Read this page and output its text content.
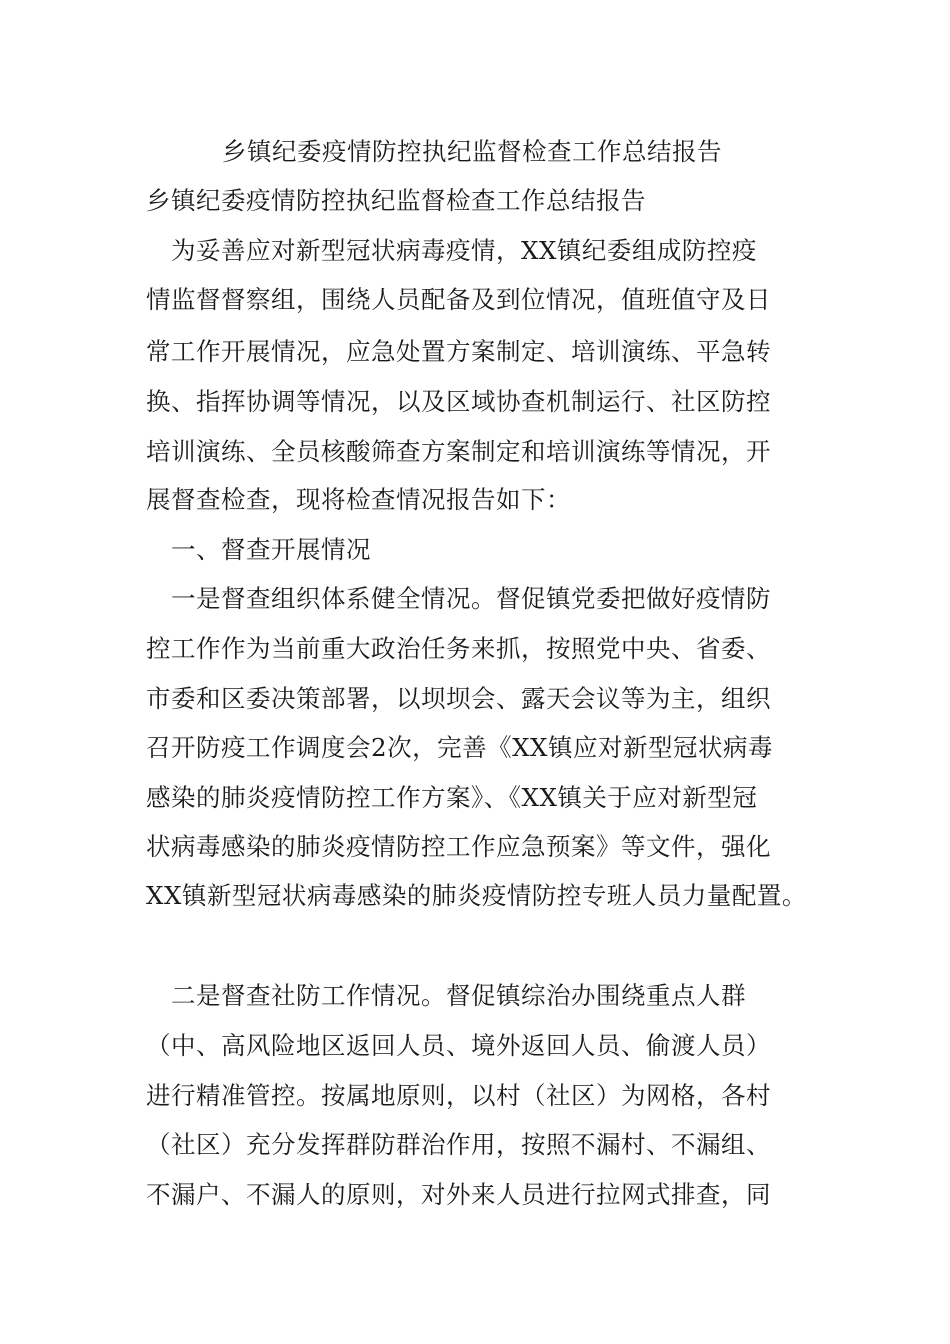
乡镇纪委疫情防控执纪监督检查工作总结报告
乡镇纪委疫情防控执纪监督检查工作总结报告
　为妥善应对新型冠状病毒疫情，XX镇纪委组成防控疫
情监督督察组，围绕人员配备及到位情况，值班值守及日
常工作开展情况，应急处置方案制定、培训演练、平急转
换、指挥协调等情况，以及区域协查机制运行、社区防控
培训演练、全员核酸筛查方案制定和培训演练等情况，开
展督查检查，现将检查情况报告如下：
　一、督查开展情况
　一是督查组织体系健全情况。督促镇党委把做好疫情防
控工作作为当前重大政治任务来抓，按照党中央、省委、
市委和区委决策部署，以坝坝会、露天会议等为主，组织
召开防疫工作调度会2次，完善《XX镇应对新型冠状病毒
感染的肺炎疫情防控工作方案》、《XX镇关于应对新型冠
状病毒感染的肺炎疫情防控工作应急预案》等文件，强化
XX镇新型冠状病毒感染的肺炎疫情防控专班人员力量配置。
　二是督查社防工作情况。督促镇综治办围绕重点人群
（中、高风险地区返回人员、境外返回人员、偷渡人员）
进行精准管控。按属地原则，以村（社区）为网格，各村
（社区）充分发挥群防群治作用，按照不漏村、不漏组、
不漏户、不漏人的原则，对外来人员进行拉网式排查，同
